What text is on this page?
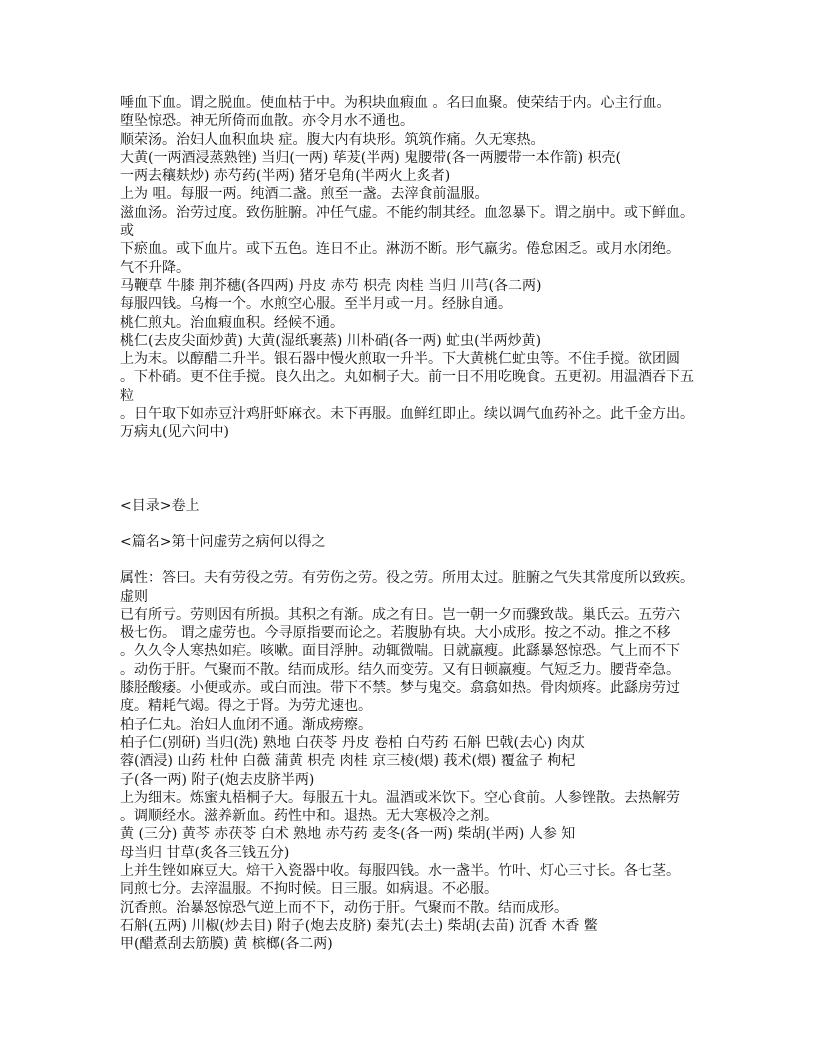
唾血下血。谓之脱血。使血枯于中。为积块血瘕血 。名曰血聚。使荣结于内。心主行血。
堕坠惊恐。神无所倚而血散。亦令月水不通也。
顺荣汤。治妇人血积血块 症。腹大内有块形。筑筑作痛。久无寒热。
大黄(一两酒浸蒸熟锉) 当归(一两) 荜茇(半两) 鬼腰带(各一两腰带一本作箭) 枳壳(
一两去穰麸炒) 赤芍药(半两) 猪牙皂角(半两火上炙者)
上为 咀。每服一两。纯酒二盏。煎至一盏。去滓食前温服。
滋血汤。治劳过度。致伤脏腑。冲任气虚。不能约制其经。血忽暴下。谓之崩中。或下鲜血。
或
下瘀血。或下血片。或下五色。连日不止。淋沥不断。形气羸劣。倦怠困乏。或月水闭绝。
气不升降。
马鞭草 牛膝 荆芥穗(各四两) 丹皮 赤芍 枳壳 肉桂 当归 川芎(各二两)
每服四钱。乌梅一个。水煎空心服。至半月或一月。经脉自通。
桃仁煎丸。治血瘕血积。经候不通。
桃仁(去皮尖面炒黄) 大黄(湿纸裹蒸) 川朴硝(各一两) 虻虫(半两炒黄)
上为末。以醇醋二升半。银石器中慢火煎取一升半。下大黄桃仁虻虫等。不住手搅。欲团圆
。下朴硝。更不住手搅。良久出之。丸如桐子大。前一日不用吃晚食。五更初。用温酒吞下五
粒
。日午取下如赤豆汁鸡肝虾麻衣。未下再服。血鲜红即止。续以调气血药补之。此千金方出。
万病丸(见六问中)
<目录>卷上
<篇名>第十问虚劳之病何以得之
属性：答曰。夫有劳役之劳。有劳伤之劳。役之劳。所用太过。脏腑之气失其常度所以致疾。
虚则
已有所亏。劳则因有所损。其积之有渐。成之有日。岂一朝一夕而骤致哉。巢氏云。五劳六
极七伤。 谓之虚劳也。今寻原指要而论之。若腹胁有块。大小成形。按之不动。推之不移
。久久令人寒热如疟。咳嗽。面目浮肿。动辄微喘。日就羸瘦。此繇暴怒惊恐。气上而不下
。动伤于肝。气聚而不散。结而成形。结久而变劳。又有日顿羸瘦。气短乏力。腰背牵急。
膝胫酸痿。小便或赤。或白而浊。带下不禁。梦与鬼交。翕翕如热。骨肉烦疼。此繇房劳过
度。精耗气竭。得之于肾。为劳尤速也。
柏子仁丸。治妇人血闭不通。渐成痨瘵。
柏子仁(别研) 当归(洗) 熟地 白茯苓 丹皮 卷柏 白芍药 石斛 巴戟(去心) 肉苁
蓉(酒浸) 山药 杜仲 白薇 蒲黄 枳壳 肉桂 京三棱(煨) 莪术(煨) 覆盆子 枸杞
子(各一两) 附子(炮去皮脐半两)
上为细末。炼蜜丸梧桐子大。每服五十丸。温酒或米饮下。空心食前。人参锉散。去热解劳
。调顺经水。滋养新血。药性中和。退热。无大寒极冷之剂。
黄 (三分) 黄芩 赤茯苓 白术 熟地 赤芍药 麦冬(各一两) 柴胡(半两) 人参 知
母当归 甘草(炙各三钱五分)
上并生锉如麻豆大。焙干入瓷器中收。每服四钱。水一盏半。竹叶、灯心三寸长。各七茎。
同煎七分。去滓温服。不拘时候。日三服。如病退。不必服。
沉香煎。治暴怒惊恐气逆上而不下，动伤于肝。气聚而不散。结而成形。
石斛(五两) 川椒(炒去目) 附子(炮去皮脐) 秦艽(去土) 柴胡(去苗) 沉香 木香 鳖
甲(醋煮刮去筋膜) 黄 槟榔(各二两)
